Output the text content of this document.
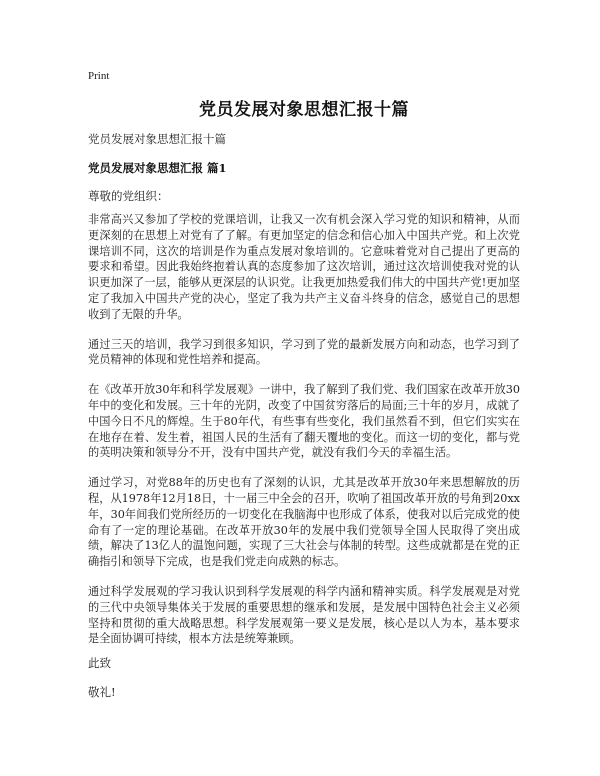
Print
党员发展对象思想汇报十篇
党员发展对象思想汇报十篇
党员发展对象思想汇报 篇1
尊敬的党组织：

非常高兴又参加了学校的党课培训，让我又一次有机会深入学习党的知识和精神，从而更深刻的在思想上对党有了了解。有更加坚定的信念和信心加入中国共产党。和上次党课培训不同，这次的培训是作为重点发展对象培训的。它意味着党对自己提出了更高的要求和希望。因此我始终抱着认真的态度参加了这次培训，通过这次培训使我对党的认识更加深了一层，能够从更深层的认识党。让我更加热爱我们伟大的中国共产党!更加坚定了我加入中国共产党的决心，坚定了我为共产主义奋斗终身的信念，感觉自己的思想收到了无限的升华。

通过三天的培训，我学习到很多知识，学习到了党的最新发展方向和动态，也学习到了党员精神的体现和党性培养和提高。

在《改革开放30年和科学发展观》一讲中，我了解到了我们党、我们国家在改革开放30年中的变化和发展。三十年的光阴，改变了中国贫穷落后的局面;三十年的岁月，成就了中国今日不凡的辉煌。生于80年代，有些事有些变化，我们虽然看不到，但它们实实在在地存在着、发生着，祖国人民的生活有了翻天覆地的变化。而这一切的变化，都与党的英明决策和领导分不开，没有中国共产党，就没有我们今天的幸福生活。

通过学习，对党88年的历史也有了深刻的认识，尤其是改革开放30年来思想解放的历程，从1978年12月18日，十一届三中全会的召开，吹响了祖国改革开放的号角到20xx年，30年间我们党所经历的一切变化在我脑海中也形成了体系，使我对以后完成党的使命有了一定的理论基础。在改革开放30年的发展中我们党领导全国人民取得了突出成绩，解决了13亿人的温饱问题，实现了三大社会与体制的转型。这些成就都是在党的正确指引和领导下完成，也是我们党走向成熟的标志。

通过科学发展观的学习我认识到科学发展观的科学内涵和精神实质。科学发展观是对党的三代中央领导集体关于发展的重要思想的继承和发展，是发展中国特色社会主义必须坚持和贯彻的重大战略思想。科学发展观第一要义是发展，核心是以人为本，基本要求是全面协调可持续，根本方法是统筹兼顾。

此致
敬礼!
